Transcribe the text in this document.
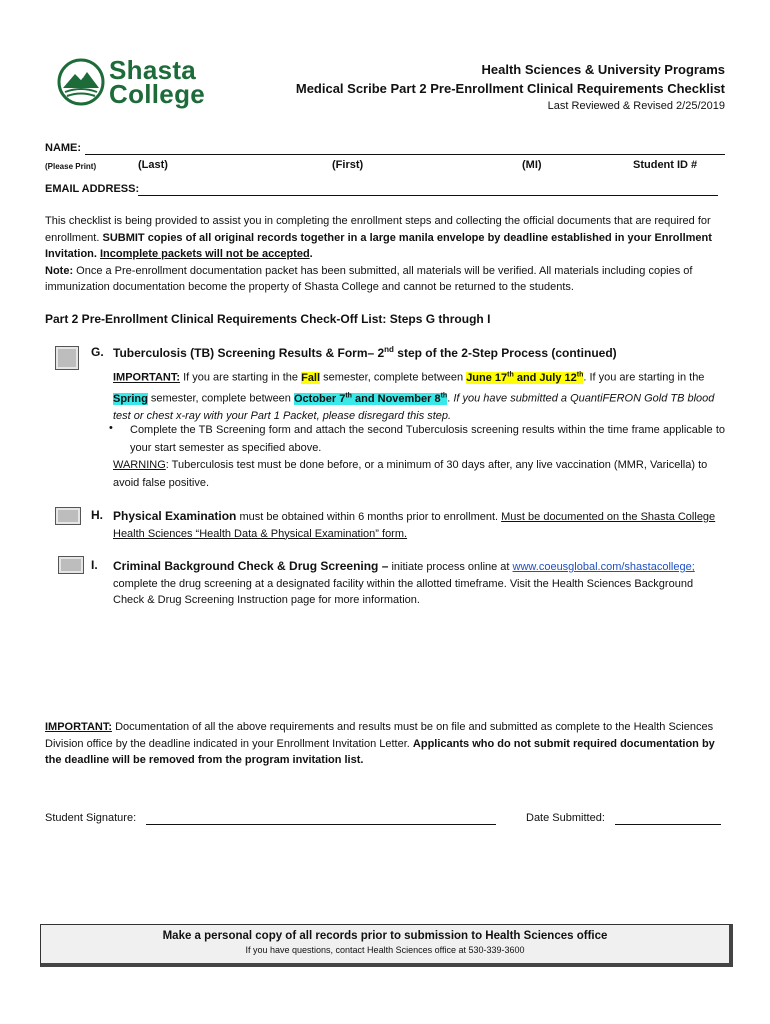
Shasta
College
Health Sciences & University Programs
Medical Scribe Part 2 Pre-Enrollment Clinical Requirements Checklist
Last Reviewed & Revised 2/25/2019
NAME:
(Please Print)	(Last)	(First)	(MI)	Student ID #
EMAIL ADDRESS:
This checklist is being provided to assist you in completing the enrollment steps and collecting the official documents that are required for enrollment. SUBMIT copies of all original records together in a large manila envelope by deadline established in your Enrollment Invitation. Incomplete packets will not be accepted.
Note: Once a Pre-enrollment documentation packet has been submitted, all materials will be verified. All materials including copies of immunization documentation become the property of Shasta College and cannot be returned to the students.
Part 2 Pre-Enrollment Clinical Requirements Check-Off List: Steps G through I
G. Tuberculosis (TB) Screening Results & Form– 2nd step of the 2-Step Process (continued)
IMPORTANT: If you are starting in the Fall semester, complete between June 17th and July 12th. If you are starting in the Spring semester, complete between October 7th and November 8th. If you have submitted a QuantiFERON Gold TB blood test or chest x-ray with your Part 1 Packet, please disregard this step.
• Complete the TB Screening form and attach the second Tuberculosis screening results within the time frame applicable to your start semester as specified above.
WARNING: Tuberculosis test must be done before, or a minimum of 30 days after, any live vaccination (MMR, Varicella) to avoid false positive.
H. Physical Examination must be obtained within 6 months prior to enrollment. Must be documented on the Shasta College Health Sciences “Health Data & Physical Examination” form.
I. Criminal Background Check & Drug Screening – initiate process online at www.coeusglobal.com/shastacollege; complete the drug screening at a designated facility within the allotted timeframe. Visit the Health Sciences Background Check & Drug Screening Instruction page for more information.
IMPORTANT: Documentation of all the above requirements and results must be on file and submitted as complete to the Health Sciences Division office by the deadline indicated in your Enrollment Invitation Letter. Applicants who do not submit required documentation by the deadline will be removed from the program invitation list.
Student Signature:	Date Submitted:
Make a personal copy of all records prior to submission to Health Sciences office
If you have questions, contact Health Sciences office at 530-339-3600
